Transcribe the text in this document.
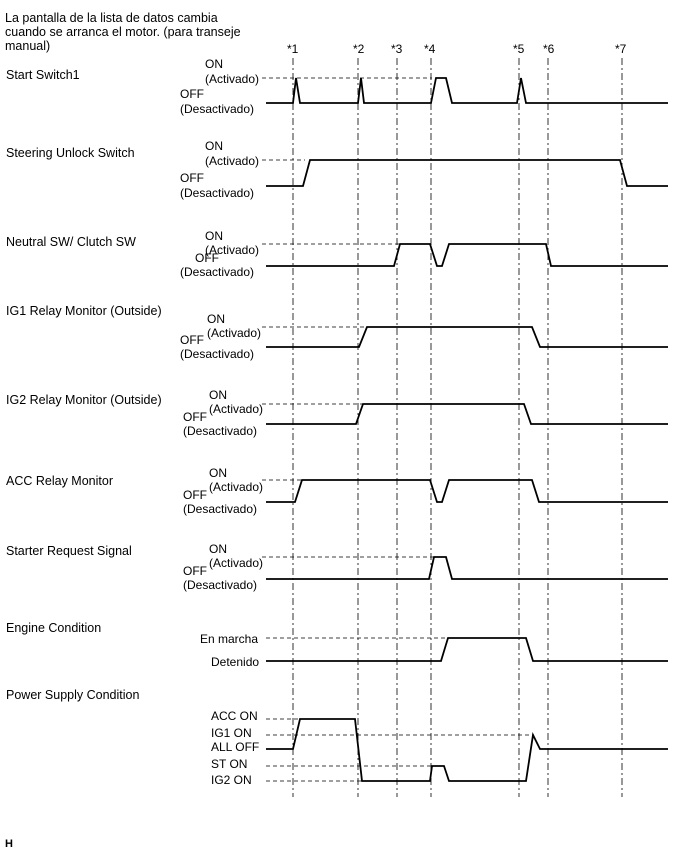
La pantalla de la lista de datos cambia
cuando se arranca el motor. (para transeje
manual)	*1	*2 *3 *4	*5 *6	*7
Start Switch1
ON
(Activado)
OFF
(Desactivado)
Steering Unlock Switch	ON
(Activado)
OFF
(Desactivado)
Neutral SW/ Clutch SW	ON
(Activado)
OFF
(Desactivado)
IG1 Relay Monitor (Outside)
ON
(Activado)
OFF
(Desactivado)
IG2 Relay Monitor (Outside)	ON
(Activado)
OFF
(Desactivado)
ACC Relay Monitor
ON
(Activado)
OFF
(Desactivado)
Starter Request Signal	ON
(Activado)
OFF
(Desactivado)
Engine Condition
En marcha
Detenido
Power Supply Condition
ACC ON
IG1 ON
ALL OFF
ST ON
IG2 ON
H
